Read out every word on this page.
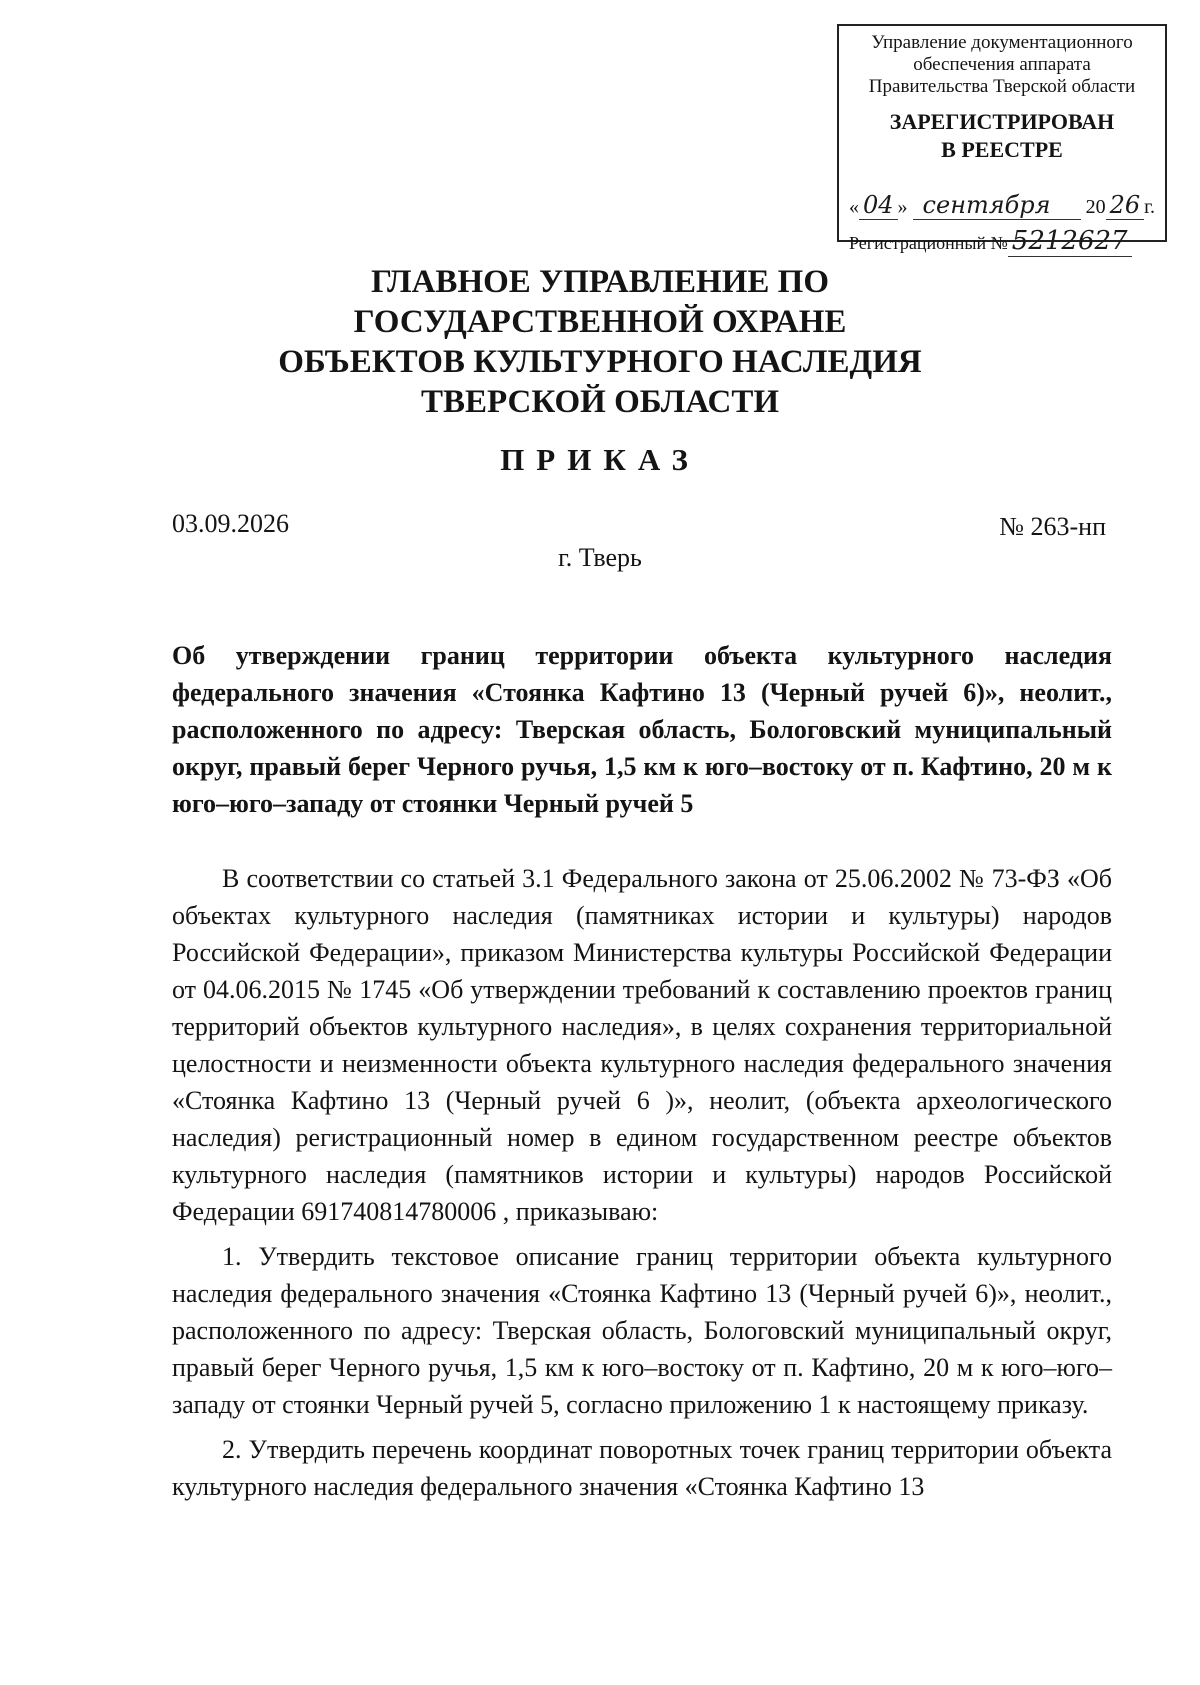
Управление документационного
обеспечения аппарата
Правительства Тверской области
ЗАРЕГИСТРИРОВАН
В РЕЕСТРЕ
« 04 » сентября 20 26 г.
Регистрационный № 5212627
ГЛАВНОЕ УПРАВЛЕНИЕ ПО
ГОСУДАРСТВЕННОЙ ОХРАНЕ
ОБЪЕКТОВ КУЛЬТУРНОГО НАСЛЕДИЯ
ТВЕРСКОЙ ОБЛАСТИ
ПРИКАЗ
03.09.2026	№ 263-нп
г. Тверь
Об утверждении границ территории объекта культурного наследия федерального значения «Стоянка Кафтино 13 (Черный ручей 6)», неолит., расположенного по адресу: Тверская область, Бологовский муниципальный округ, правый берег Черного ручья, 1,5 км к юго–востоку от п. Кафтино, 20 м к юго–юго–западу от стоянки Черный ручей 5

В соответствии со статьей 3.1 Федерального закона от 25.06.2002 № 73-ФЗ «Об объектах культурного наследия (памятниках истории и культуры) народов Российской Федерации», приказом Министерства культуры Российской Федерации от 04.06.2015 № 1745 «Об утверждении требований к составлению проектов границ территорий объектов культурного наследия», в целях сохранения территориальной целостности и неизменности объекта культурного наследия федерального значения «Стоянка Кафтино 13 (Черный ручей 6 )», неолит, (объекта археологического наследия) регистрационный номер в едином государственном реестре объектов культурного наследия (памятников истории и культуры) народов Российской Федерации 691740814780006 , приказываю:

1. Утвердить текстовое описание границ территории объекта культурного наследия федерального значения «Стоянка Кафтино 13 (Черный ручей 6)», неолит., расположенного по адресу: Тверская область, Бологовский муниципальный округ, правый берег Черного ручья, 1,5 км к юго–востоку от п. Кафтино, 20 м к юго–юго–западу от стоянки Черный ручей 5, согласно приложению 1 к настоящему приказу.

2. Утвердить перечень координат поворотных точек границ территории объекта культурного наследия федерального значения «Стоянка Кафтино 13
